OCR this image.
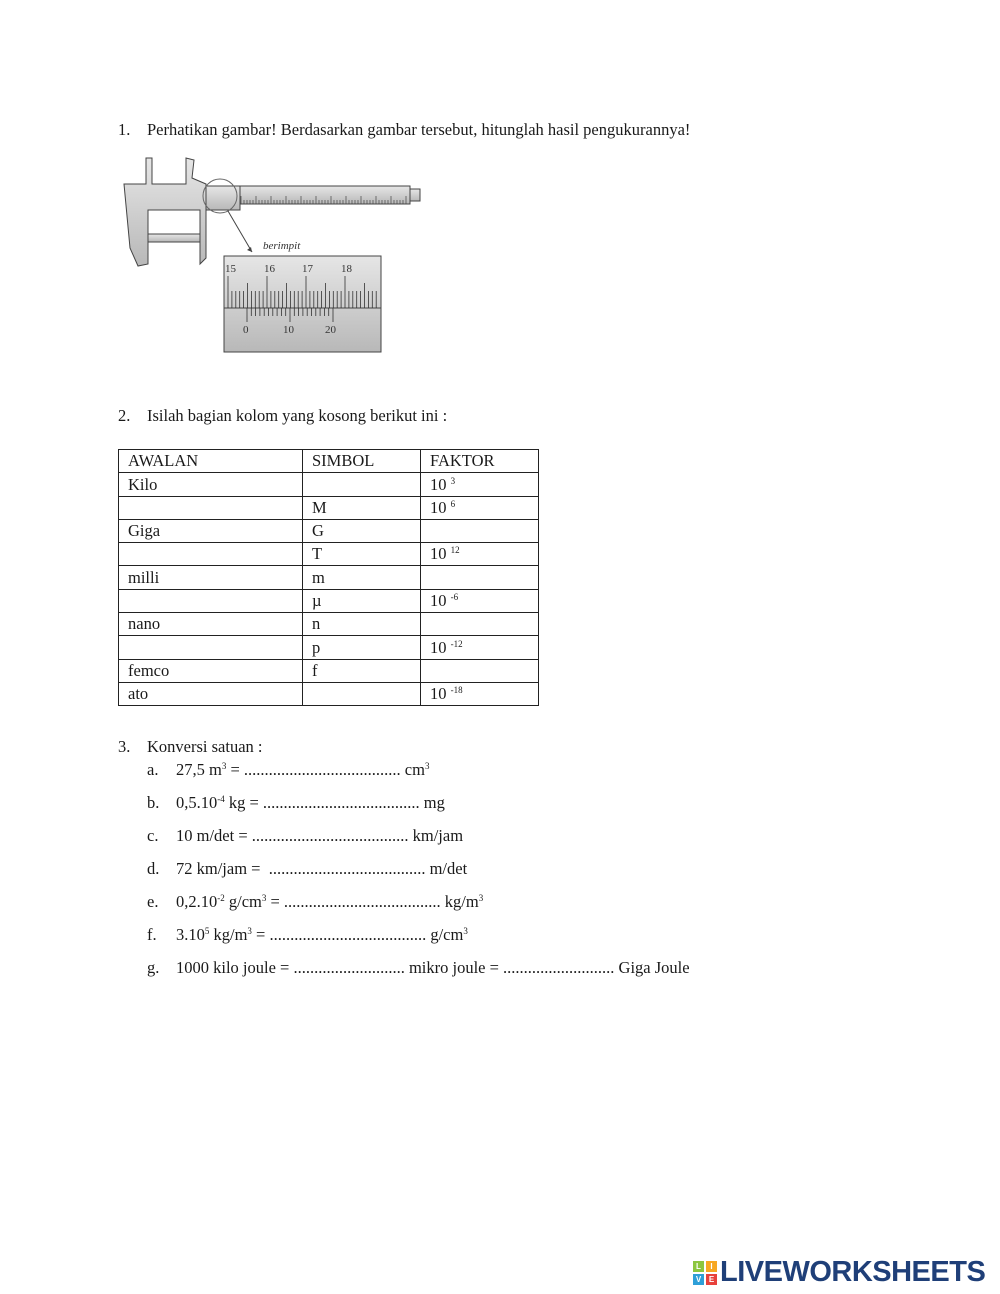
1. Perhatikan gambar! Berdasarkan gambar tersebut, hitunglah hasil pengukurannya!
berimpit
15	16 17	18
0	10	20
2. Isilah bagian kolom yang kosong berikut ini :
AWALAN	SIMBOL	FAKTOR
Kilo		10 $^3$
	M	10 $^6$
Giga	G	
	T	10 $^{12}$
milli	m	
	µ	10 $^{-6}$
nano	n	
	p	10 $^{-12}$
femco	f	
ato		10 $^{-18}$
3. Konversi satuan :
a. 27,5 $m^3$ = ...................................... $cm^3$
b. $0,5.10^{-4}$ kg = ...................................... mg
c. 10 m/det = ...................................... km/jam
d. 72 km/jam =  ...................................... m/det
e. $0,2.10^{-2}$ $g/cm^3$ = ...................................... $kg/m^3$
f. 3.10$^5$ $kg/m^3$ = ...................................... $g/cm^3$
g. 1000 kilo joule = ........................... mikro joule = ........................... Giga Joule
L	I
V E LIVEWORKSHEETS
